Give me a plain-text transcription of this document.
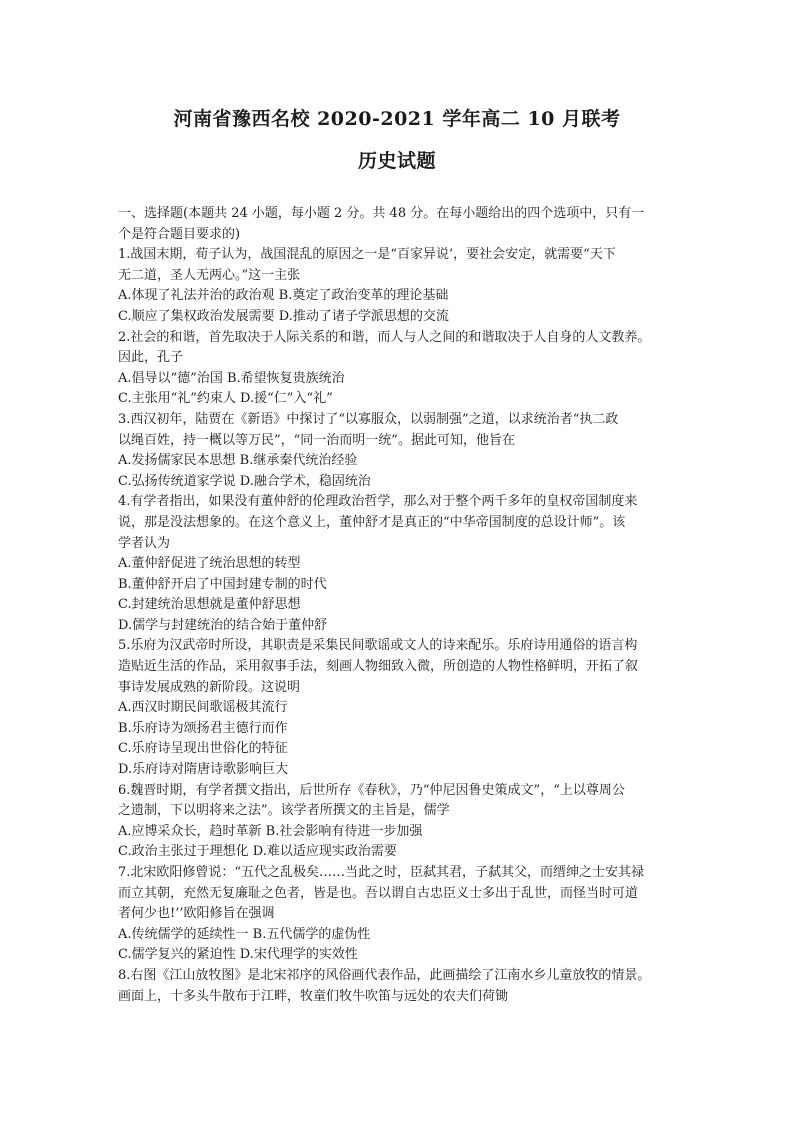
河南省豫西名校 2020-2021 学年高二 10 月联考
历史试题
一、选择题(本题共 24 小题，每小题 2 分。共 48 分。在每小题给出的四个选项中，只有一
个是符合题目要求的)
1.战国末期，荀子认为，战国混乱的原因之一是“百家异说’，要社会安定，就需要“天下
无二道，圣人无两心。”这一主张
A.体现了礼法并治的政治观 B.奠定了政治变革的理论基础
C.顺应了集权政治发展需要 D.推动了诸子学派思想的交流
2.社会的和谐，首先取决于人际关系的和谐，而人与人之间的和谐取决于人自身的人文教养。
因此，孔子
A.倡导以“德”治国 B.希望恢复贵族统治
C.主张用“礼”约束人 D.援“仁”入“礼”
3.西汉初年，陆贾在《新语》中探讨了“以寡服众，以弱制强”之道，以求统治者“执二政
以绳百姓，持一概以等万民”，“同一治而明一统”。据此可知，他旨在
A.发扬儒家民本思想 B.继承秦代统治经验
C.弘扬传统道家学说 D.融合学术，稳固统治
4.有学者指出，如果没有董仲舒的伦理政治哲学，那么对于整个两千多年的皇权帝国制度来
说，那是没法想象的。在这个意义上，董仲舒才是真正的“中华帝国制度的总设计师”。该
学者认为
A.董仲舒促进了统治思想的转型
B.董仲舒开启了中国封建专制的时代
C.封建统治思想就是董仲舒思想
D.儒学与封建统治的结合始于董仲舒
5.乐府为汉武帝时所设，其职责是采集民间歌谣或文人的诗来配乐。乐府诗用通俗的语言构
造贴近生活的作品，采用叙事手法，刻画人物细致入微，所创造的人物性格鲜明，开拓了叙
事诗发展成熟的新阶段。这说明
A.西汉时期民间歌谣极其流行
B.乐府诗为颂扬君主德行而作
C.乐府诗呈现出世俗化的特征
D.乐府诗对隋唐诗歌影响巨大
6.魏晋时期，有学者撰文指出，后世所存《春秋》，乃“仲尼因鲁史策成文”，“上以尊周公
之遗制，下以明将来之法”。该学者所撰文的主旨是，儒学
A.应博采众长，趋时革新 B.社会影响有待进一步加强
C.政治主张过于理想化 D.难以适应现实政治需要
7.北宋欧阳修曾说：“五代之乱极矣……当此之时，臣弑其君，子弑其父，而缙绅之士安其禄
而立其朝，充然无复廉耻之色者，皆是也。吾以谓自古忠臣义士多出于乱世，而怪当时可道
者何少也!’’欧阳修旨在强调
A.传统儒学的延续性一 B.五代儒学的虚伪性
C.儒学复兴的紧迫性 D.宋代理学的实效性
8.右图《江山放牧图》是北宋祁序的风俗画代表作品，此画描绘了江南水乡儿童放牧的情景。
画面上，十多头牛散布于江畔，牧童们牧牛吹笛与远处的农夫们荷锄
